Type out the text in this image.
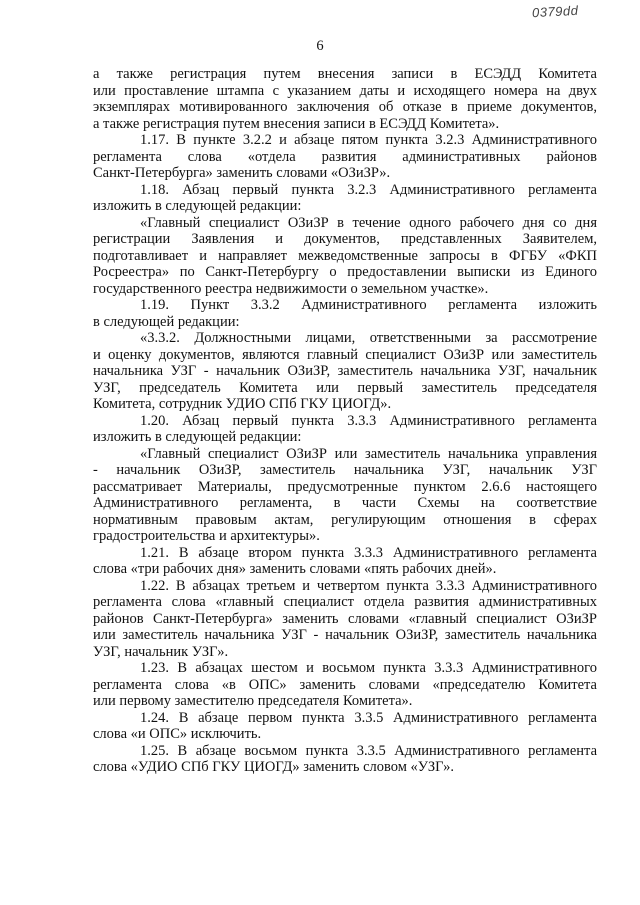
0379dd
6

а также регистрация путем внесения записи в ЕСЭДД Комитета

или проставление штампа с указанием даты и исходящего номера на двух

экземплярах мотивированного заключения об отказе в приеме документов,

а также регистрация путем внесения записи в ЕСЭДД Комитета».

1.17. В пункте 3.2.2 и абзаце пятом пункта 3.2.3 Административного

регламента слова «отдела развития административных районов

Санкт-Петербурга» заменить словами «ОЗиЗР».

1.18. Абзац первый пункта 3.2.3 Административного регламента

изложить в следующей редакции:

«Главный специалист ОЗиЗР в течение одного рабочего дня со дня

регистрации Заявления и документов, представленных Заявителем,

подготавливает и направляет межведомственные запросы в ФГБУ «ФКП

Росреестра» по Санкт-Петербургу о предоставлении выписки из Единого

государственного реестра недвижимости о земельном участке».

1.19. Пункт 3.3.2 Административного регламента изложить

в следующей редакции:

«3.3.2. Должностными лицами, ответственными за рассмотрение

и оценку документов, являются главный специалист ОЗиЗР или заместитель

начальника УЗГ - начальник ОЗиЗР, заместитель начальника УЗГ, начальник

УЗГ, председатель Комитета или первый заместитель председателя

Комитета, сотрудник УДИО СПб ГКУ ЦИОГД».

1.20. Абзац первый пункта 3.3.3 Административного регламента

изложить в следующей редакции:

«Главный специалист ОЗиЗР или заместитель начальника управления

- начальник ОЗиЗР, заместитель начальника УЗГ, начальник УЗГ

рассматривает Материалы, предусмотренные пунктом 2.6.6 настоящего

Административного регламента, в части Схемы на соответствие

нормативным правовым актам, регулирующим отношения в сферах

градостроительства и архитектуры».

1.21. В абзаце втором пункта 3.3.3 Административного регламента

слова «три рабочих дня» заменить словами «пять рабочих дней».

1.22. В абзацах третьем и четвертом пункта 3.3.3 Административного

регламента слова «главный специалист отдела развития административных

районов Санкт-Петербурга» заменить словами «главный специалист ОЗиЗР

или заместитель начальника УЗГ - начальник ОЗиЗР, заместитель начальника

УЗГ, начальник УЗГ».

1.23. В абзацах шестом и восьмом пункта 3.3.3 Административного

регламента слова «в ОПС» заменить словами «председателю Комитета

или первому заместителю председателя Комитета».

1.24. В абзаце первом пункта 3.3.5 Административного регламента

слова «и ОПС» исключить.

1.25. В абзаце восьмом пункта 3.3.5 Административного регламента

слова «УДИО СПб ГКУ ЦИОГД» заменить словом «УЗГ».
